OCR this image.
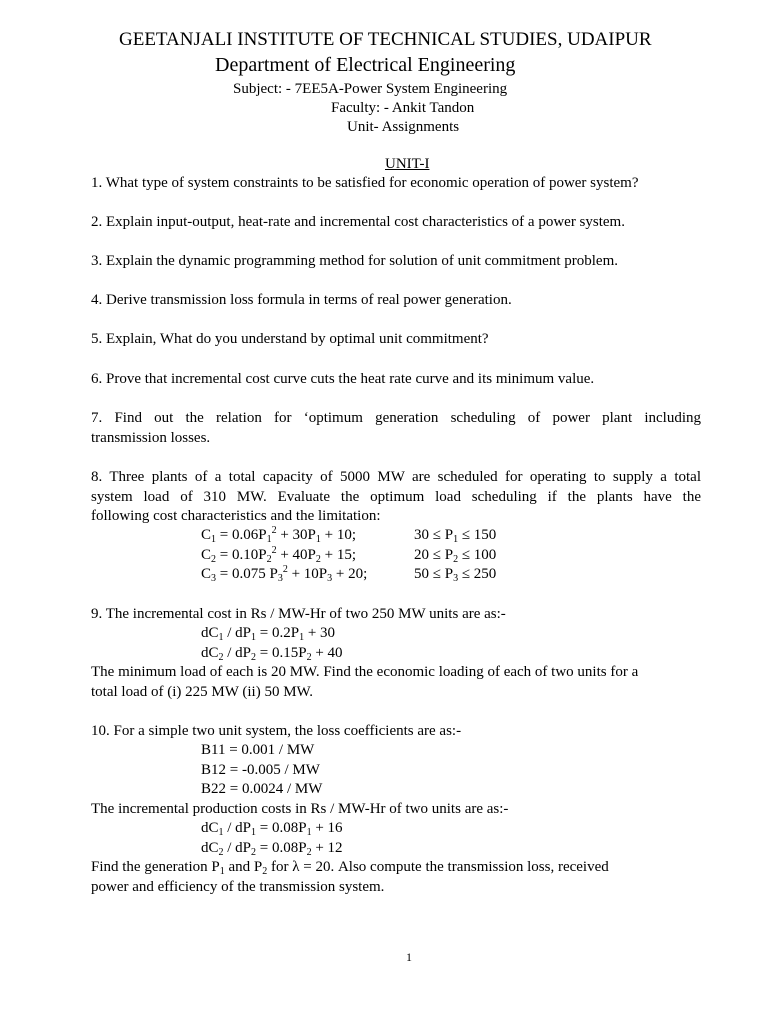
GEETANJALI INSTITUTE OF TECHNICAL STUDIES, UDAIPUR
Department of Electrical Engineering
Subject: - 7EE5A-Power System Engineering
Faculty: - Ankit Tandon
Unit- Assignments
UNIT-I
1. What type of system constraints to be satisfied for economic operation of power system?
2. Explain input-output, heat-rate and incremental cost characteristics of a power system.
3. Explain the dynamic programming method for solution of unit commitment problem.
4. Derive transmission loss formula in terms of real power generation.
5. Explain, What do you understand by optimal unit commitment?
6. Prove that incremental cost curve cuts the heat rate curve and its minimum value.
7. Find out the relation for ‘optimum generation scheduling of power plant including
transmission losses.
8. Three plants of a total capacity of 5000 MW are scheduled for operating to supply a total
system load of 310 MW. Evaluate the optimum load scheduling if the plants have the
following cost characteristics and the limitation:
$C_1 = 0.06P_1^2 + 30P_1 + 10$;	$30 \le P_1 \le 150$
$C_2 = 0.10P_2^2 + 40P_2 + 15$;	$20 \le P_2 \le 100$
$C_3 = 0.075$ $P_3^2 + 10P_3 + 20$;	$50 \le P_3 \le 250$
9. The incremental cost in Rs / MW-Hr of two 250 MW units are as:-
$dC_1 / dP_1 = 0.2P_1 + 30$
$dC_2 / dP_2 = 0.15P_2 + 40$
The minimum load of each is 20 MW. Find the economic loading of each of two units for a
total load of (i) 225 MW (ii) 50 MW.
10. For a simple two unit system, the loss coefficients are as:-
B11 = 0.001 / MW
B12 = -0.005 / MW
B22 = 0.0024 / MW
The incremental production costs in Rs / MW-Hr of two units are as:-
$dC_1 / dP_1 = 0.08P_1 + 16$
$dC_2 / dP_2 = 0.08P_2 + 12$
Find the generation $P_1$ and $P_2$ for λ = 20. Also compute the transmission loss, received
power and efficiency of the transmission system.
1
